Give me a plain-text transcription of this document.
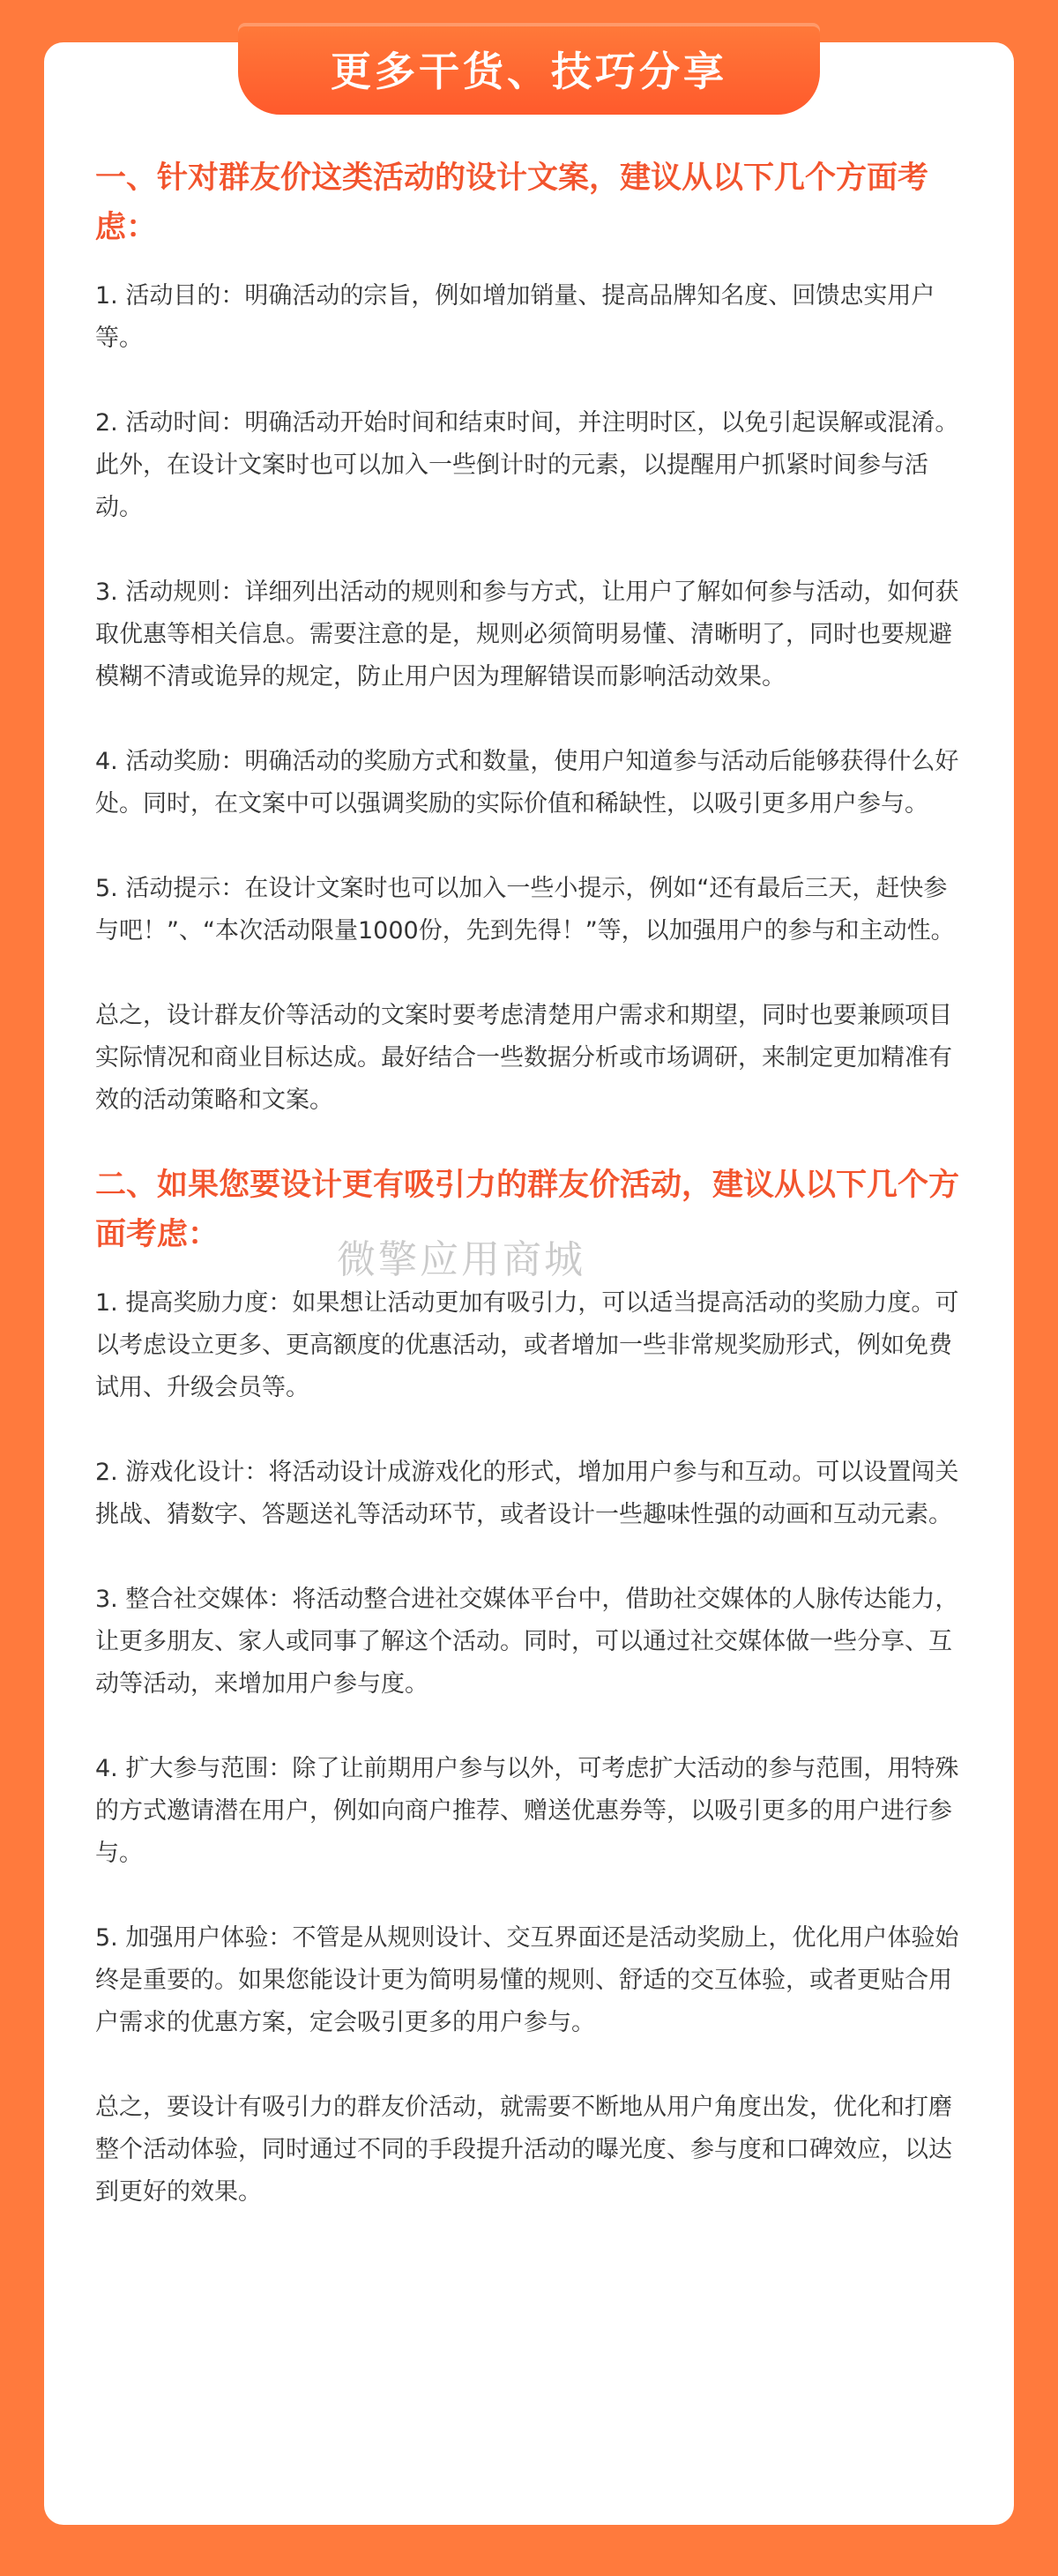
一、针对群友价这类活动的设计文案，建议从以下几个方面考虑：

1. 活动目的：明确活动的宗旨，例如增加销量、提高品牌知名度、回馈忠实用户等。

2. 活动时间：明确活动开始时间和结束时间，并注明时区，以免引起误解或混淆。此外，在设计文案时也可以加入一些倒计时的元素，以提醒用户抓紧时间参与活动。

3. 活动规则：详细列出活动的规则和参与方式，让用户了解如何参与活动，如何获取优惠等相关信息。需要注意的是，规则必须简明易懂、清晰明了，同时也要规避模糊不清或诡异的规定，防止用户因为理解错误而影响活动效果。

4. 活动奖励：明确活动的奖励方式和数量，使用户知道参与活动后能够获得什么好处。同时，在文案中可以强调奖励的实际价值和稀缺性，以吸引更多用户参与。

5. 活动提示：在设计文案时也可以加入一些小提示，例如“还有最后三天，赶快参与吧！”、“本次活动限量1000份，先到先得！”等，以加强用户的参与和主动性。

总之，设计群友价等活动的文案时要考虑清楚用户需求和期望，同时也要兼顾项目实际情况和商业目标达成。最好结合一些数据分析或市场调研，来制定更加精准有效的活动策略和文案。

二、如果您要设计更有吸引力的群友价活动，建议从以下几个方面考虑：

1. 提高奖励力度：如果想让活动更加有吸引力，可以适当提高活动的奖励力度。可以考虑设立更多、更高额度的优惠活动，或者增加一些非常规奖励形式，例如免费试用、升级会员等。

2. 游戏化设计：将活动设计成游戏化的形式，增加用户参与和互动。可以设置闯关挑战、猜数字、答题送礼等活动环节，或者设计一些趣味性强的动画和互动元素。

3. 整合社交媒体：将活动整合进社交媒体平台中，借助社交媒体的人脉传达能力，让更多朋友、家人或同事了解这个活动。同时，可以通过社交媒体做一些分享、互动等活动，来增加用户参与度。

4. 扩大参与范围：除了让前期用户参与以外，可考虑扩大活动的参与范围，用特殊的方式邀请潜在用户，例如向商户推荐、赠送优惠券等，以吸引更多的用户进行参与。

5. 加强用户体验：不管是从规则设计、交互界面还是活动奖励上，优化用户体验始终是重要的。如果您能设计更为简明易懂的规则、舒适的交互体验，或者更贴合用户需求的优惠方案，定会吸引更多的用户参与。

总之，要设计有吸引力的群友价活动，就需要不断地从用户角度出发，优化和打磨整个活动体验，同时通过不同的手段提升活动的曝光度、参与度和口碑效应，以达到更好的效果。

更多干货、技巧分享
微擎应用商城
